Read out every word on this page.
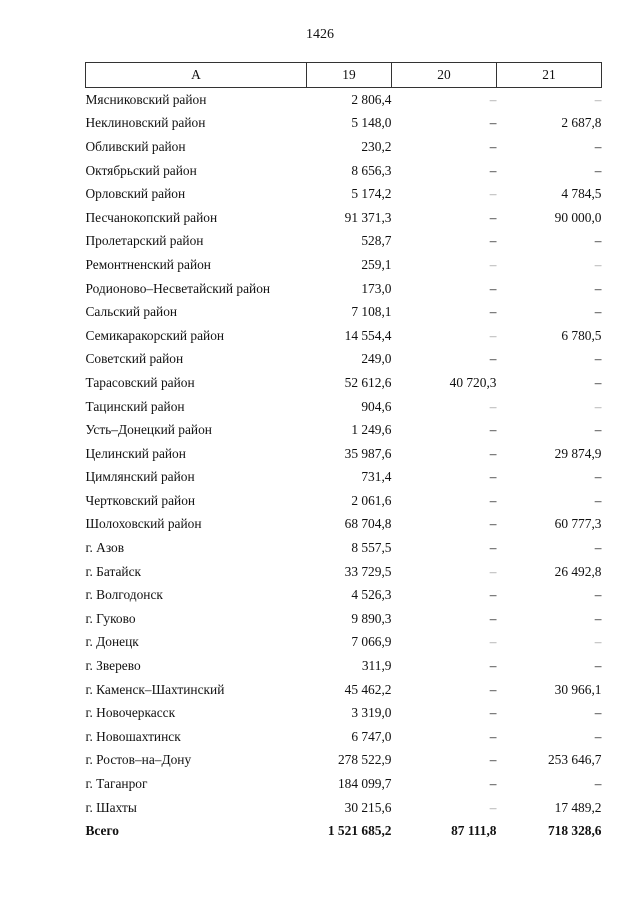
1426
А	19	20	21
Мясниковский район	2 806,4	–	–
Неклиновский район	5 148,0	–	2 687,8
Обливский район	230,2	–	–
Октябрьский район	8 656,3	–	–
Орловский район	5 174,2	–	4 784,5
Песчанокопский район	91 371,3	–	90 000,0
Пролетарский район	528,7	–	–
Ремонтненский район	259,1	–	–
Родионово–Несветайский район	173,0	–	–
Сальский район	7 108,1	–	–
Семикаракорский район	14 554,4	–	6 780,5
Советский район	249,0	–	–
Тарасовский район	52 612,6	40 720,3	–
Тацинский район	904,6	–	–
Усть–Донецкий район	1 249,6	–	–
Целинский район	35 987,6	–	29 874,9
Цимлянский район	731,4	–	–
Чертковский район	2 061,6	–	–
Шолоховский район	68 704,8	–	60 777,3
г. Азов	8 557,5	–	–
г. Батайск	33 729,5	–	26 492,8
г. Волгодонск	4 526,3	–	–
г. Гуково	9 890,3	–	–
г. Донецк	7 066,9	–	–
г. Зверево	311,9	–	–
г. Каменск–Шахтинский	45 462,2	–	30 966,1
г. Новочеркасск	3 319,0	–	–
г. Новошахтинск	6 747,0	–	–
г. Ростов–на–Дону	278 522,9	–	253 646,7
г. Таганрог	184 099,7	–	–
г. Шахты	30 215,6	–	17 489,2
Всего	1 521 685,2	87 111,8	718 328,6
